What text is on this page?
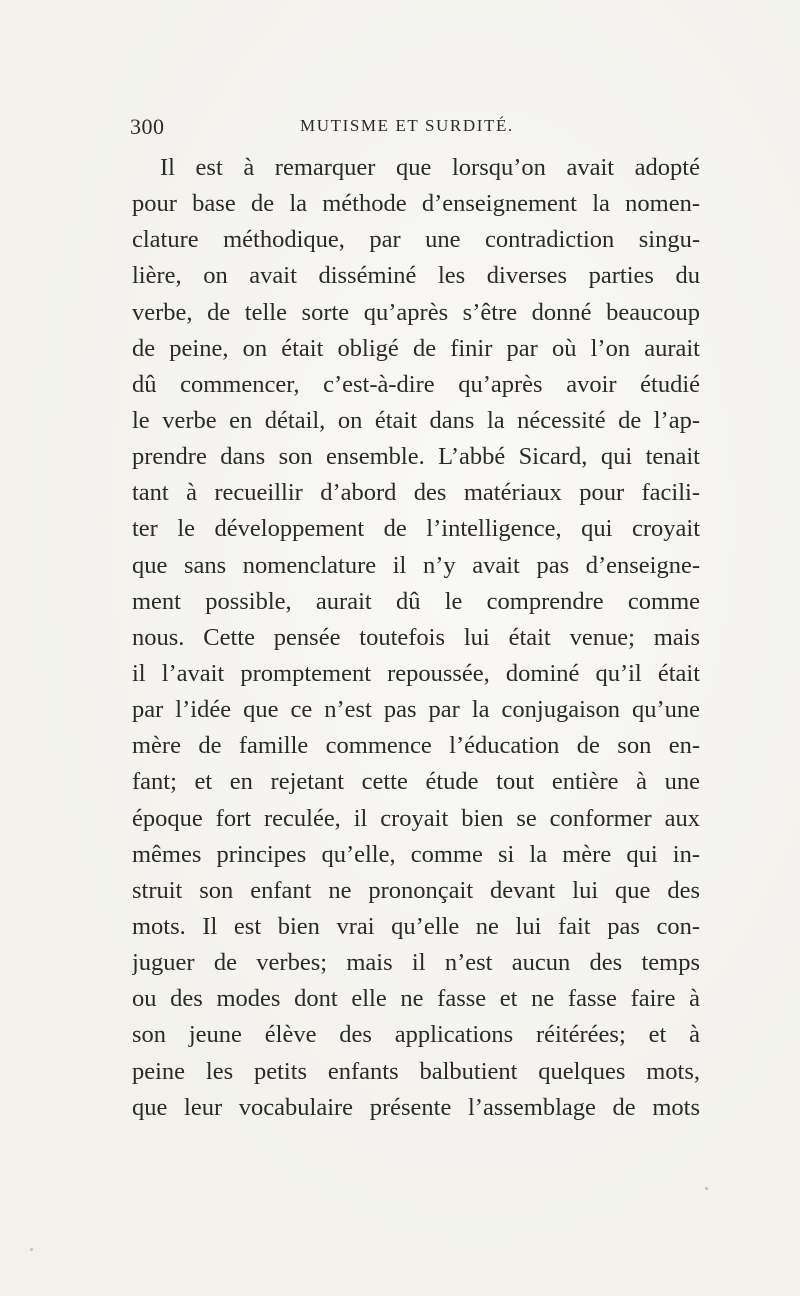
300	MUTISME ET SURDITÉ.
Il est à remarquer que lorsqu’on avait adopté
pour base de la méthode d’enseignement la nomen-
clature méthodique, par une contradiction singu-
lière, on avait disséminé les diverses parties du
verbe, de telle sorte qu’après s’être donné beaucoup
de peine, on était obligé de finir par où l’on aurait
dû commencer, c’est-à-dire qu’après avoir étudié
le verbe en détail, on était dans la nécessité de l’ap-
prendre dans son ensemble. L’abbé Sicard, qui tenait
tant à recueillir d’abord des matériaux pour facili-
ter le développement de l’intelligence, qui croyait
que sans nomenclature il n’y avait pas d’enseigne-
ment possible, aurait dû le comprendre comme
nous. Cette pensée toutefois lui était venue; mais
il l’avait promptement repoussée, dominé qu’il était
par l’idée que ce n’est pas par la conjugaison qu’une
mère de famille commence l’éducation de son en-
fant; et en rejetant cette étude tout entière à une
époque fort reculée, il croyait bien se conformer aux
mêmes principes qu’elle, comme si la mère qui in-
struit son enfant ne prononçait devant lui que des
mots. Il est bien vrai qu’elle ne lui fait pas con-
juguer de verbes; mais il n’est aucun des temps
ou des modes dont elle ne fasse et ne fasse faire à
son jeune élève des applications réitérées; et à
peine les petits enfants balbutient quelques mots,
que leur vocabulaire présente l’assemblage de mots
